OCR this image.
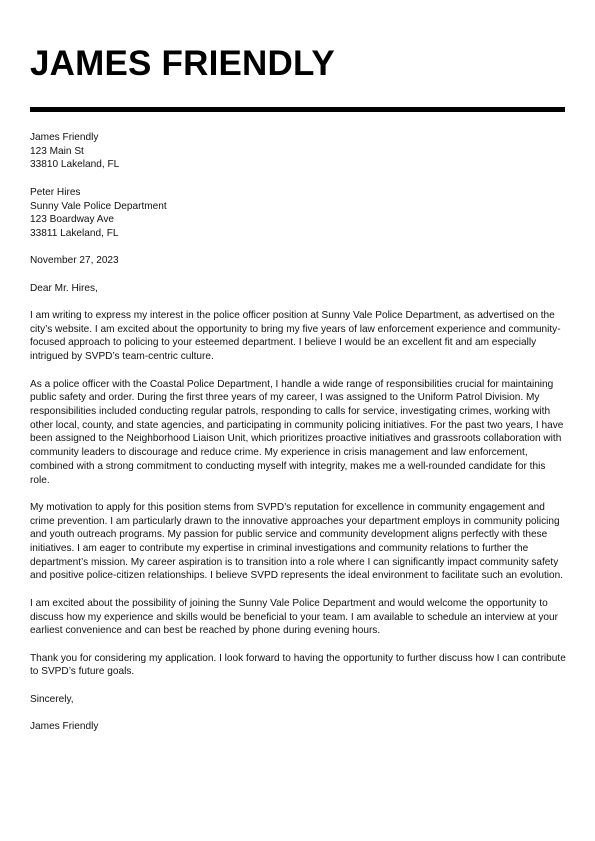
JAMES FRIENDLY
James Friendly
123 Main St
33810 Lakeland, FL
Peter Hires
Sunny Vale Police Department
123 Boardway Ave
33811 Lakeland, FL

November 27, 2023

Dear Mr. Hires,

I am writing to express my interest in the police officer position at Sunny Vale Police Department, as advertised on the city’s website. I am excited about the opportunity to bring my five years of law enforcement experience and community-focused approach to policing to your esteemed department. I believe I would be an excellent fit and am especially intrigued by SVPD’s team-centric culture.

As a police officer with the Coastal Police Department, I handle a wide range of responsibilities crucial for maintaining public safety and order. During the first three years of my career, I was assigned to the Uniform Patrol Division. My responsibilities included conducting regular patrols, responding to calls for service, investigating crimes, working with other local, county, and state agencies, and participating in community policing initiatives. For the past two years, I have been assigned to the Neighborhood Liaison Unit, which prioritizes proactive initiatives and grassroots collaboration with community leaders to discourage and reduce crime. My experience in crisis management and law enforcement, combined with a strong commitment to conducting myself with integrity, makes me a well-rounded candidate for this role.

My motivation to apply for this position stems from SVPD’s reputation for excellence in community engagement and crime prevention. I am particularly drawn to the innovative approaches your department employs in community policing and youth outreach programs. My passion for public service and community development aligns perfectly with these initiatives. I am eager to contribute my expertise in criminal investigations and community relations to further the department’s mission. My career aspiration is to transition into a role where I can significantly impact community safety and positive police-citizen relationships. I believe SVPD represents the ideal environment to facilitate such an evolution.

I am excited about the possibility of joining the Sunny Vale Police Department and would welcome the opportunity to discuss how my experience and skills would be beneficial to your team. I am available to schedule an interview at your earliest convenience and can best be reached by phone during evening hours.

Thank you for considering my application. I look forward to having the opportunity to further discuss how I can contribute to SVPD’s future goals.

Sincerely,

James Friendly
